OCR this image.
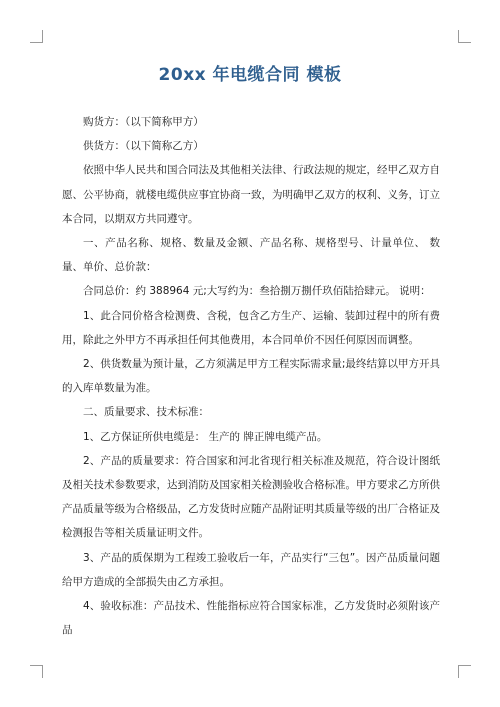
20xx 年电缆合同 模板

购货方：（以下简称甲方）

供货方：（以下简称乙方）

依照中华人民共和国合同法及其他相关法律、行政法规的规定，经甲乙双方自愿、公平协商，就楼电缆供应事宜协商一致，为明确甲乙双方的权利、义务，订立本合同，以期双方共同遵守。

一、产品名称、规格、数量及金额、产品名称、规格型号、计量单位、 数量、单价、总价款：

合同总价：约 388964 元;大写约为：叁拾捌万捌仟玖佰陆拾肆元。 说明：

1、此合同价格含检测费、含税，包含乙方生产、运输、装卸过程中的所有费用，除此之外甲方不再承担任何其他费用，本合同单价不因任何原因而调整。

2、供货数量为预计量，乙方须满足甲方工程实际需求量;最终结算以甲方开具的入库单数量为准。

二、质量要求、技术标准：

1、乙方保证所供电缆是： 生产的 牌正牌电缆产品。

2、产品的质量要求：符合国家和河北省现行相关标准及规范，符合设计图纸及相关技术参数要求，达到消防及国家相关检测验收合格标准。甲方要求乙方所供产品质量等级为合格级品，乙方发货时应随产品附证明其质量等级的出厂合格证及检测报告等相关质量证明文件。

3、产品的质保期为工程竣工验收后一年，产品实行“三包”。因产品质量问题给甲方造成的全部损失由乙方承担。

4、验收标准：产品技术、性能指标应符合国家标准，乙方发货时必须附该产品
